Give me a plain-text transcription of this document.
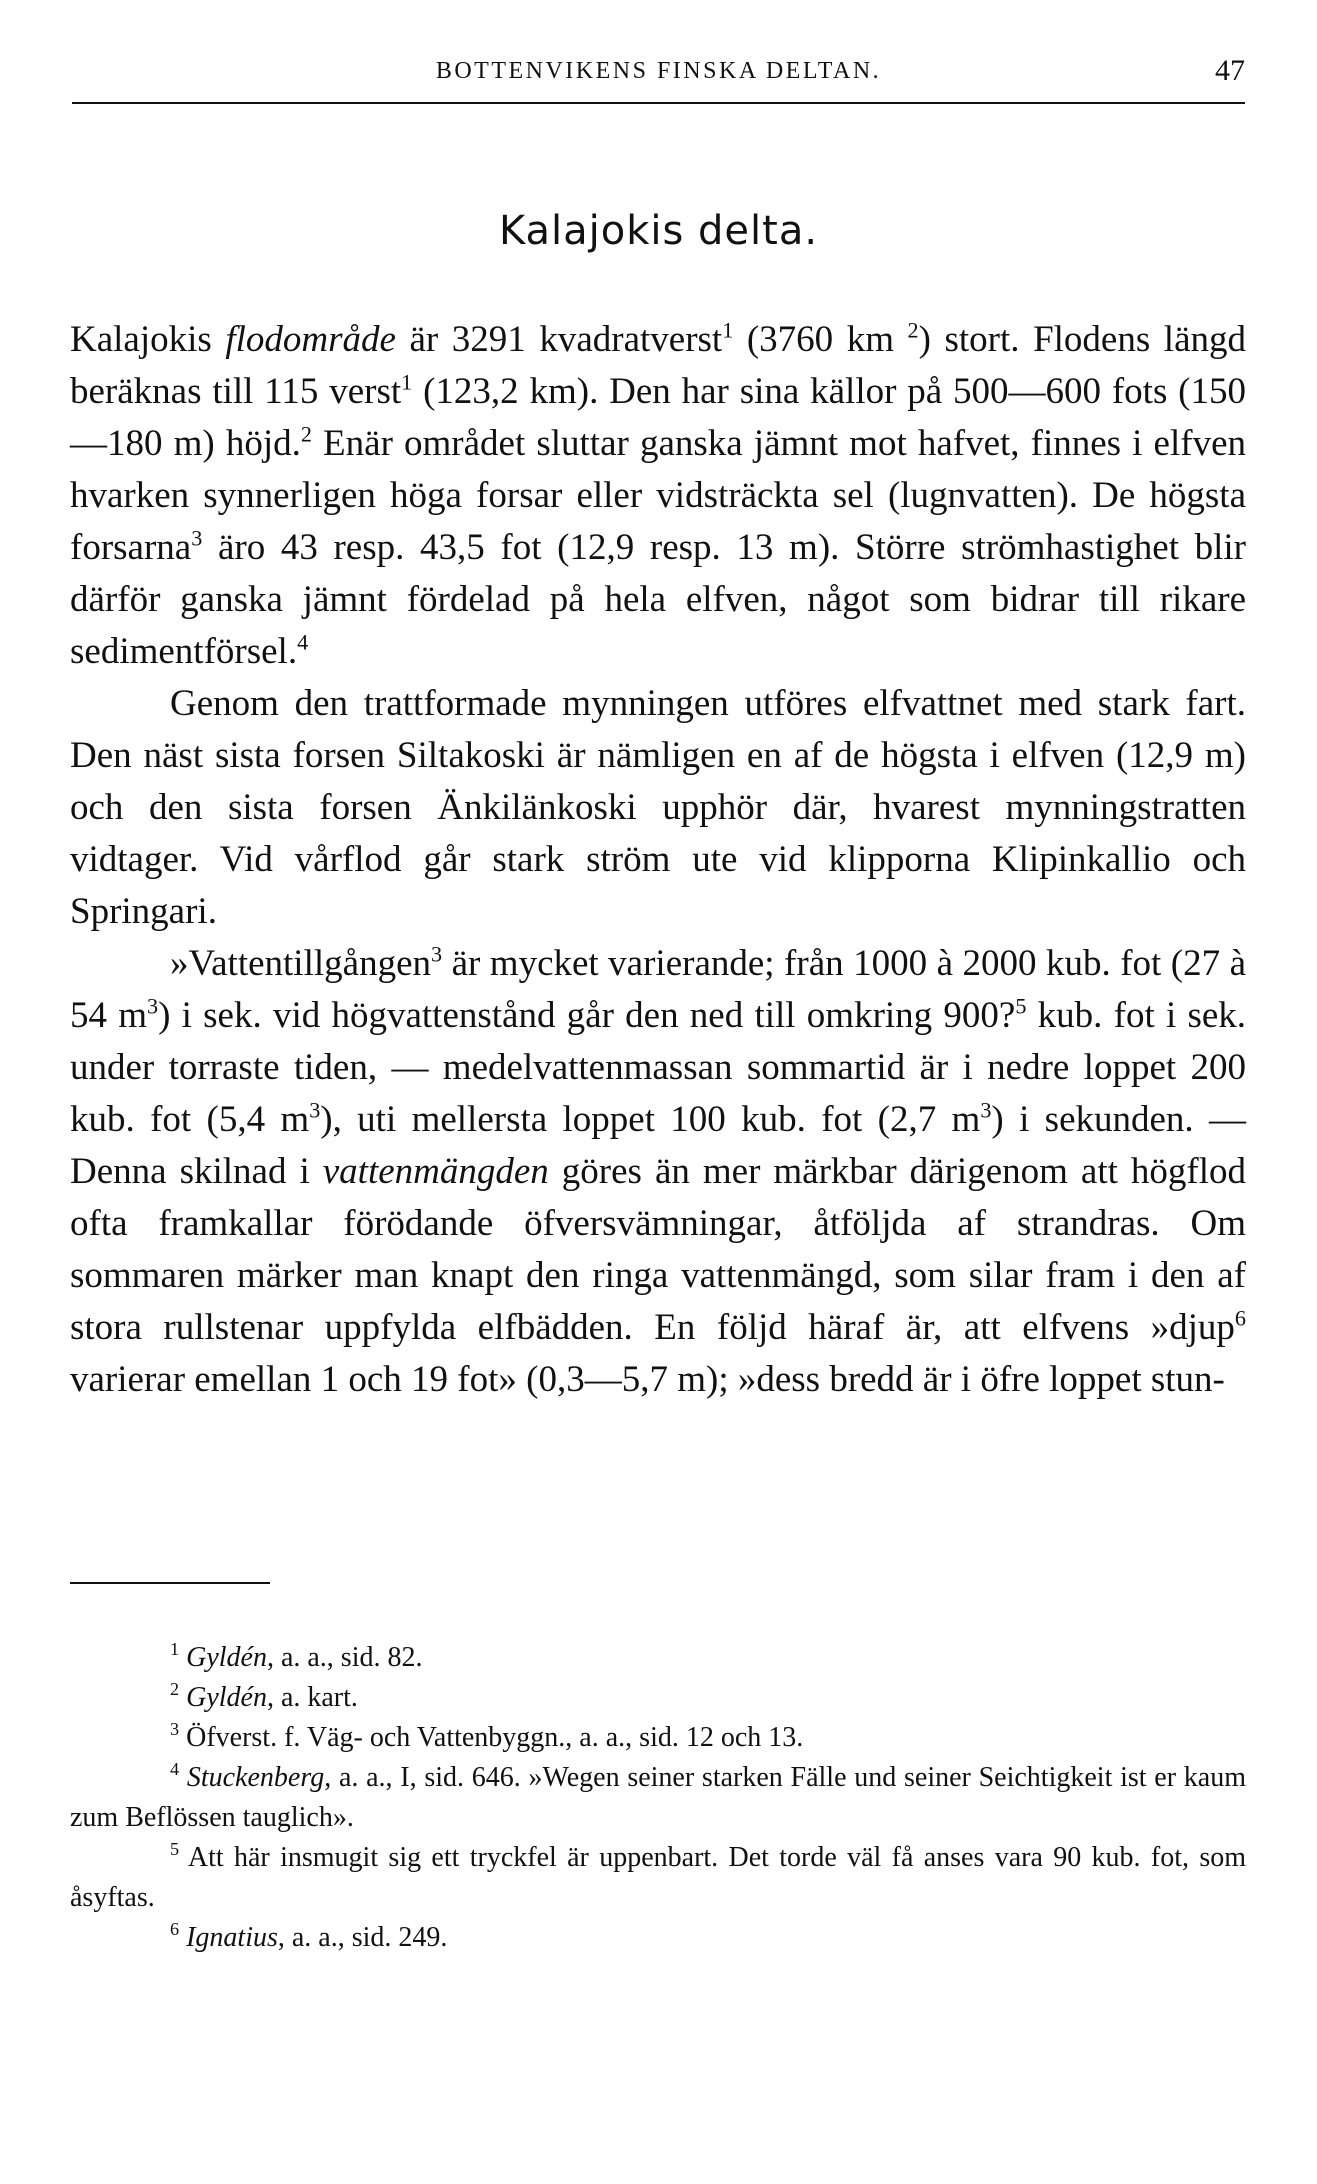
BOTTENVIKENS FINSKA DELTAN.	47
Kalajokis delta.

Kalajokis flodområde är 3291 kvadratverst$^1$ (3760 km $^2$) stort. Flodens längd beräknas till 115 verst$^1$ (123,2 km). Den har sina källor på 500—600 fots (150—180 m) höjd.$^2$ Enär området sluttar ganska jämnt mot hafvet, finnes i elfven hvarken synnerligen höga forsar eller vidsträckta sel (lugnvatten). De högsta forsarna$^3$ äro 43 resp. 43,5 fot (12,9 resp. 13 m). Större strömhastighet blir därför ganska jämnt fördelad på hela elfven, något som bidrar till rikare sedimentförsel.$^4$

Genom den trattformade mynningen utföres elfvattnet med stark fart. Den näst sista forsen Siltakoski är nämligen en af de högsta i elfven (12,9 m) och den sista forsen Änkilänkoski upphör där, hvarest mynningstratten vidtager. Vid vårflod går stark ström ute vid klipporna Klipinkallio och Springari.

»Vattentillgången$^3$ är mycket varierande; från 1000 à 2000 kub. fot (27 à 54 $m^3$) i sek. vid högvattenstånd går den ned till omkring 900?$^5$ kub. fot i sek. under torraste tiden, — medelvattenmassan sommartid är i nedre loppet 200 kub. fot (5,4 $m^3$), uti mellersta loppet 100 kub. fot (2,7 $m^3$) i sekunden. — Denna skilnad i vattenmängden göres än mer märkbar därigenom att högflod ofta framkallar förödande öfversvämningar, åtföljda af strandras. Om sommaren märker man knapt den ringa vattenmängd, som silar fram i den af stora rullstenar uppfylda elfbädden. En följd häraf är, att elfvens »djup$^6$ varierar emellan 1 och 19 fot» (0,3—5,7 m); »dess bredd är i öfre loppet stun-

$^1$ Gyldén, a. a., sid. 82.

$^2$ Gyldén, a. kart.

$^3$ Öfverst. f. Väg- och Vattenbyggn., a. a., sid. 12 och 13.

$^4$ Stuckenberg, a. a., I, sid. 646. »Wegen seiner starken Fälle und seiner Seichtigkeit ist er kaum zum Beflössen tauglich».

$^5$ Att här insmugit sig ett tryckfel är uppenbart. Det torde väl få anses vara 90 kub. fot, som åsyftas.

$^6$ Ignatius, a. a., sid. 249.
